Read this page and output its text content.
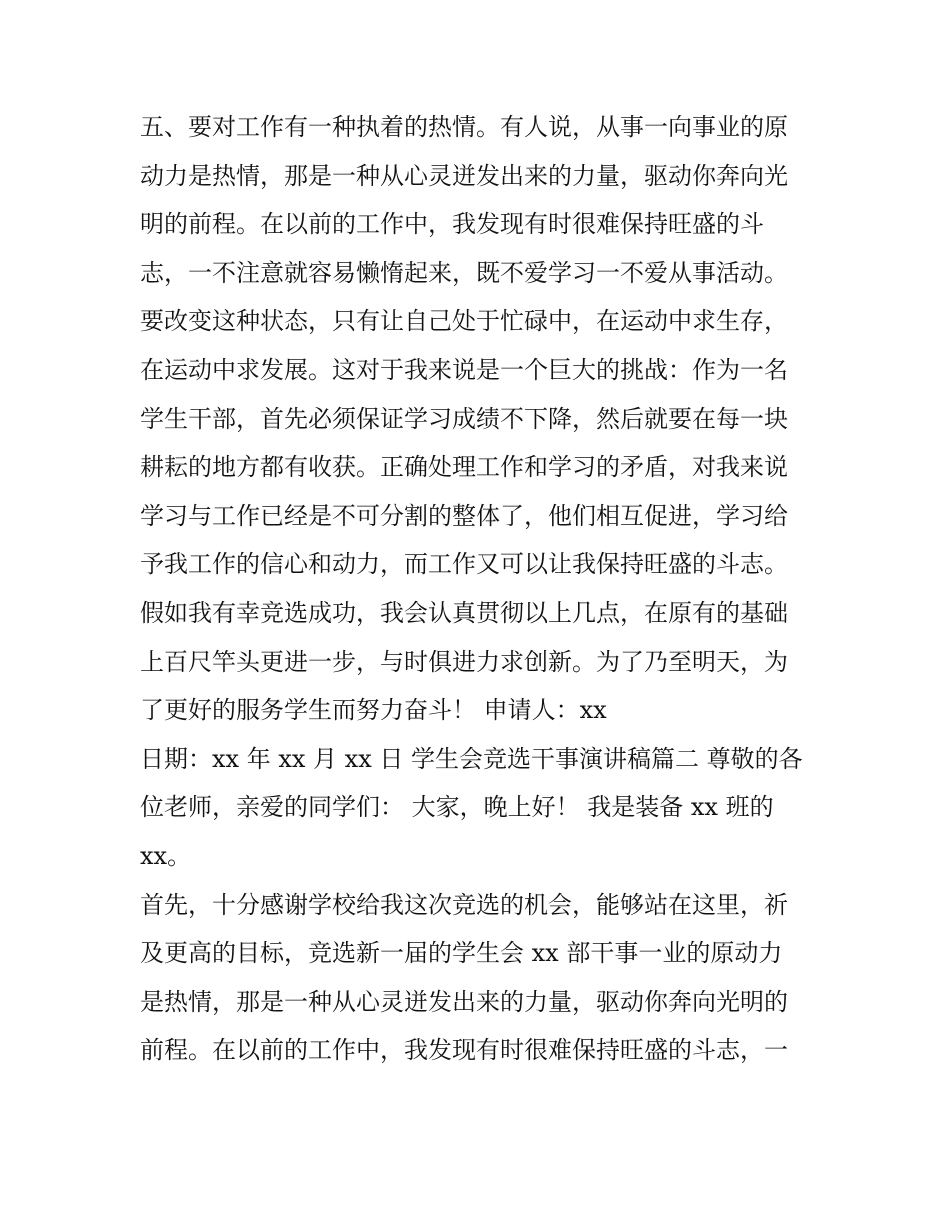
五、要对工作有一种执着的热情。有人说，从事一向事业的原
动力是热情，那是一种从心灵迸发出来的力量，驱动你奔向光
明的前程。在以前的工作中，我发现有时很难保持旺盛的斗
志，一不注意就容易懒惰起来，既不爱学习一不爱从事活动。
要改变这种状态，只有让自己处于忙碌中，在运动中求生存，
在运动中求发展。这对于我来说是一个巨大的挑战：作为一名
学生干部，首先必须保证学习成绩不下降，然后就要在每一块
耕耘的地方都有收获。正确处理工作和学习的矛盾，对我来说
学习与工作已经是不可分割的整体了，他们相互促进，学习给
予我工作的信心和动力，而工作又可以让我保持旺盛的斗志。
假如我有幸竞选成功，我会认真贯彻以上几点，在原有的基础
上百尺竿头更进一步，与时俱进力求创新。为了乃至明天，为
了更好的服务学生而努力奋斗！ 申请人：xx
日期：xx 年 xx 月 xx 日 学生会竞选干事演讲稿篇二 尊敬的各
位老师，亲爱的同学们： 大家，晚上好！ 我是装备 xx 班的
xx。
首先，十分感谢学校给我这次竞选的机会，能够站在这里，祈
及更高的目标，竞选新一届的学生会 xx 部干事一业的原动力
是热情，那是一种从心灵迸发出来的力量，驱动你奔向光明的
前程。在以前的工作中，我发现有时很难保持旺盛的斗志，一
